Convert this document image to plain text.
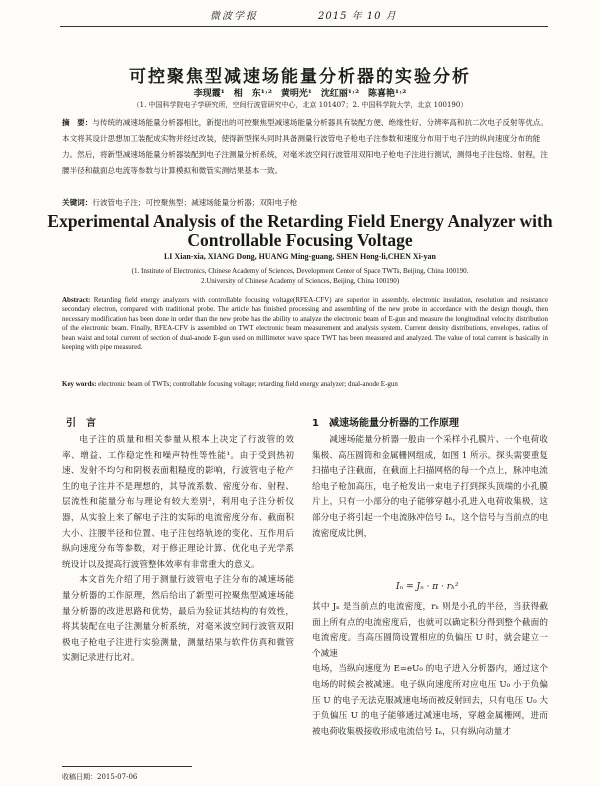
微波学报	2015 年 10 月
可控聚焦型减速场能量分析器的实验分析
李现霞¹　相　东¹˒²　黄明光¹　沈红丽¹˒²　陈喜艳¹˒²
（1. 中国科学院电子学研究所，空间行波管研究中心，北京 101407；2. 中国科学院大学，北京 100190）
摘　要：与传统的减速场能量分析器相比，新提出的可控聚焦型减速场能量分析器具有装配方便、绝缘性好、分辨率高和抗二次电子反射等优点。本文将其设计思想加工装配成实物并经过改装，使得新型探头同时具备测量行波管电子枪电子注参数和速度分布用于电子注的纵向速度分布的能力。然后，将新型减速场能量分析器装配到电子注测量分析系统，对毫米波空间行波管用双阳电子枪电子注进行测试，测得电子注包络、射程，注腰半径和截面总电流等参数与计算模拟和微管实测结果基本一致。
关键词：行波管电子注；可控聚焦型；减速场能量分析器；双阳电子枪
Experimental Analysis of the Retarding Field Energy Analyzer with Controllable Focusing Voltage
LI Xian-xia, XIANG Dong, HUANG Ming-guang, SHEN Hong-li,CHEN Xi-yan
(1. Institute of Electronics, Chinese Academy of Sciences, Development Center of Space TWTs, Beijing, China 100190.
2.University of Chinese Academy of Sciences, Beijing, China 100190)
Abstract: Retarding field energy analyzers with controllable focusing voltage(RFEA-CFV) are superior in assembly, electronic insulation, resolution and resistance secondary electron, compared with traditional probe. The article has finished processing and assembling of the new probe in accordance with the design though, then necessary modification has been done in order than the new probe has the ability to analyze the electronic beam of E-gun and measure the longitudinal velocity distribution of the electronic beam. Finally, RFEA-CFV is assembled on TWT electronic beam measurement and analysis system. Current density distributions, envelopes, radius of bean waist and total current of section of dual-anode E-gun used on millimeter wave space TWT has been measured and analyzed. The value of total current is basically in keeping with pipe measured.
Key words: electronic beam of TWTs; controllable focusing voltage; retarding field energy analyzer; dual-anode E-gun
引　言	1　减速场能量分析器的工作原理

电子注的质量和相关参量从根本上决定了行波管的效率、增益、工作稳定性和噪声特性等性能¹。由于受到热初速、发射不均匀和阴极表面粗糙度的影响，行波管电子枪产生的电子注并不是理想的，其导流系数、密度分布、射程、层流性和能量分布与理论有较大差别²，利用电子注分析仪器，从实验上来了解电子注的实际的电流密度分布、截面积大小、注腰半径和位置、电子注包络轨迹的变化、互作用后纵向速度分布等参数，对于修正理论计算、优化电子光学系统设计以及提高行波管整体效率有非常重大的意义。

本文首先介绍了用于测量行波管电子注分布的减速场能量分析器的工作原理，然后给出了新型可控聚焦型减速场能量分析器的改进思路和优势，最后为验证其结构的有效性，将其装配在电子注测量分析系统，对毫米波空间行波管双阳极电子枪电子注进行实验测量，测量结果与软件仿真和微管实测记录进行比对。

减速场能量分析器一般由一个采样小孔膜片、一个电荷收集极、高压圆筒和金属栅网组成，如图 1 所示。探头需要重复扫描电子注截面，在截面上扫描网格的每一个点上，脉冲电流给电子枪加高压，电子枪发出一束电子打到探头顶端的小孔膜片上，只有一小部分的电子能够穿越小孔进入电荷收集极，这部分电子将引起一个电流脉冲信号 Iₙ，这个信号与当前点的电流密度成比例，

Iₙ = Jₙ · π · rₕ²

其中 Jₙ 是当前点的电流密度，rₕ 则是小孔的半径，当获得截面上所有点的电流密度后，也就可以确定积分得到整个截面的电流密度。当高压圆筒设置相应的负偏压 U 时，就会建立一个减速

电场，当纵向速度为 E=eU₀ 的电子进入分析器内，通过这个电场的时候会被减速。电子纵向速度所对应电压 U₀ 小于负偏压 U 的电子无法克服减速电场而被反射回去，只有电压 U₀ 大于负偏压 U 的电子能够通过减速电场，穿越金属栅网，进而被电荷收集极接收形成电流信号 Iₙ，只有纵向动量才

收稿日期：2015-07-06
